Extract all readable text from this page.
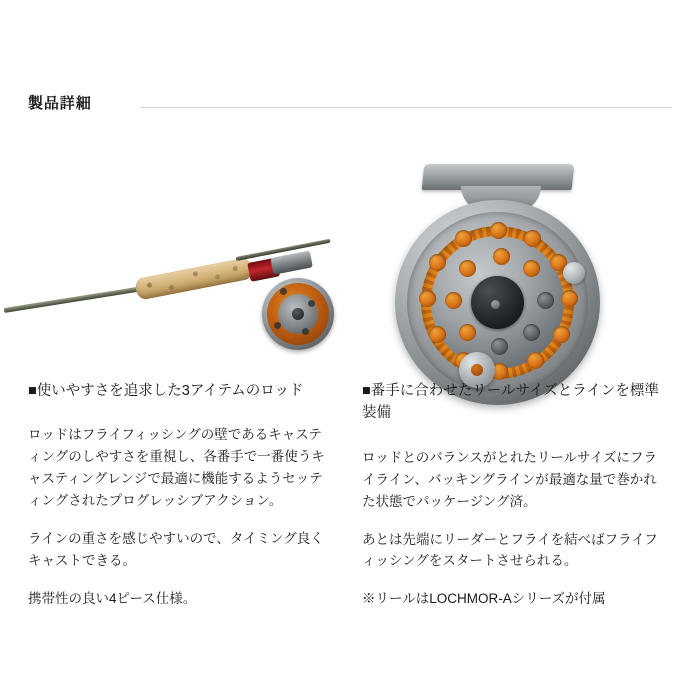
製品詳細
■使いやすさを追求した3アイテムのロッド

ロッドはフライフィッシングの壁であるキャスティングのしやすさを重視し、各番手で一番使うキャスティングレンジで最適に機能するようセッティングされたプログレッシブアクション。

ラインの重さを感じやすいので、タイミング良くキャストできる。

携帯性の良い4ピース仕様。

■番手に合わせたリールサイズとラインを標準装備

ロッドとのバランスがとれたリールサイズにフライライン、バッキングラインが最適な量で巻かれた状態でパッケージング済。

あとは先端にリーダーとフライを結べばフライフィッシングをスタートさせられる。

※リールはLOCHMOR-Aシリーズが付属
